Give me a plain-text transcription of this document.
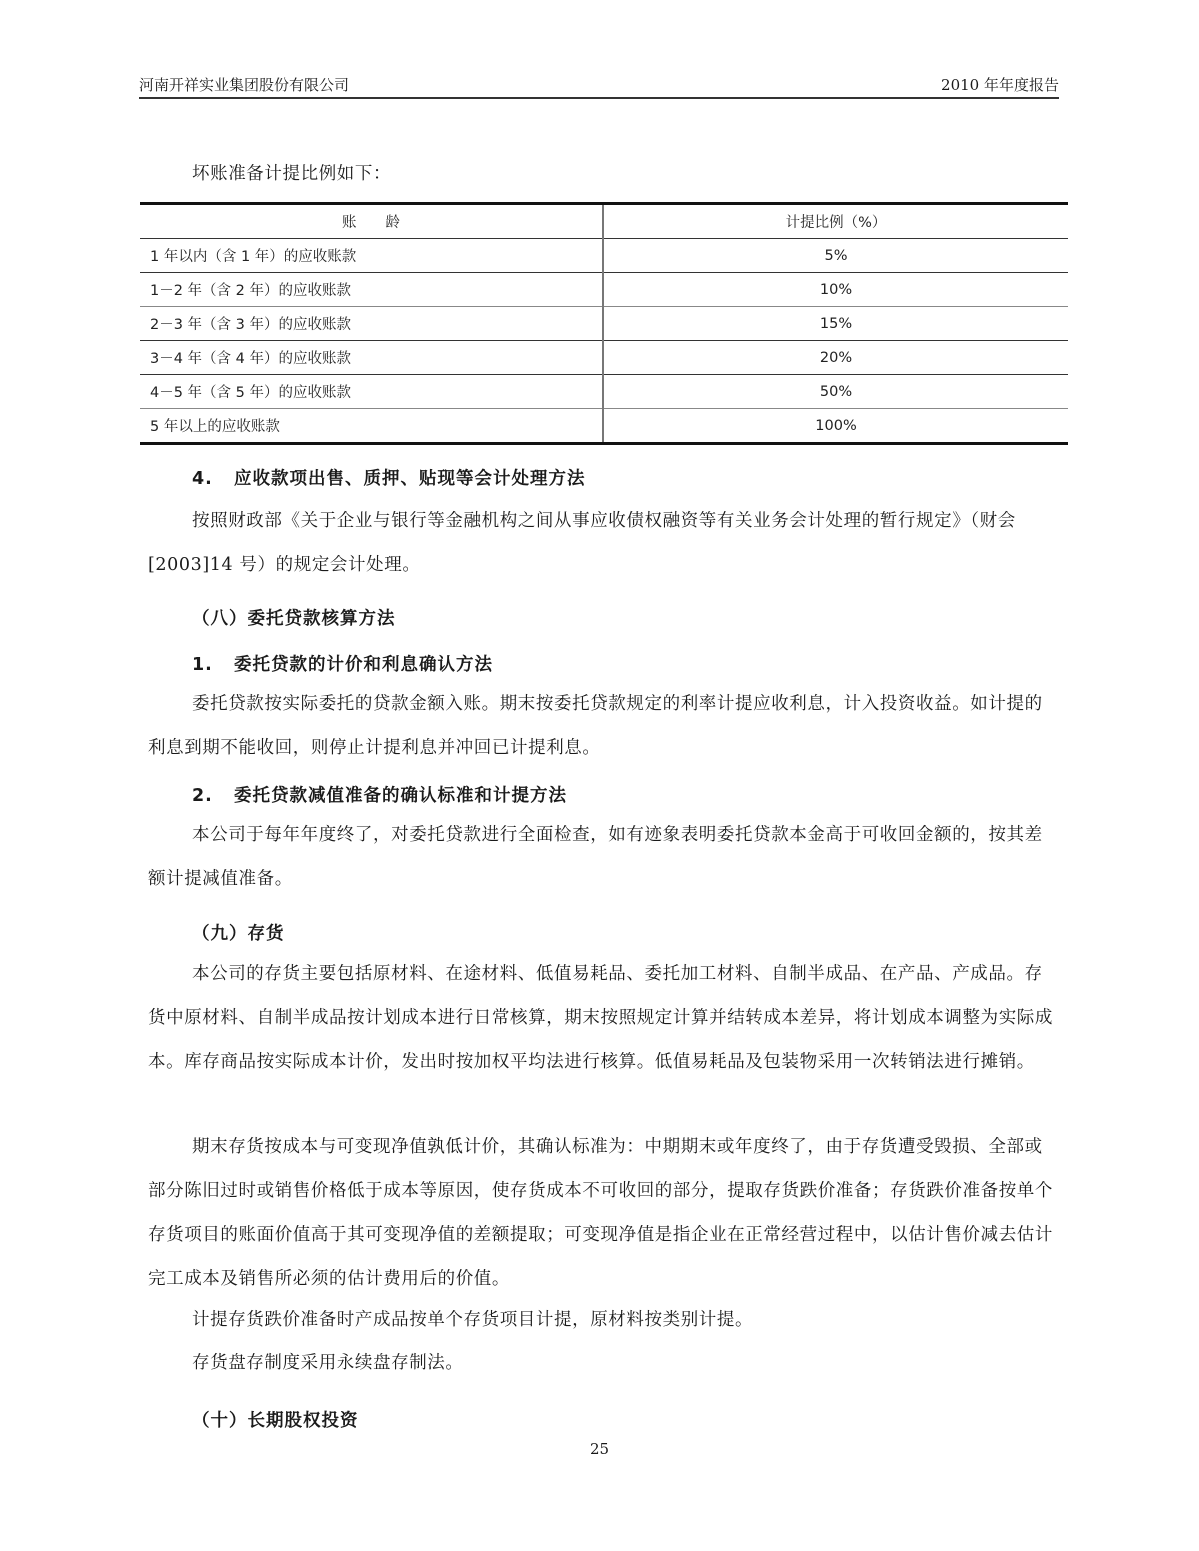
河南开祥实业集团股份有限公司	2010 年年度报告
坏账准备计提比例如下：
账　　龄	计提比例（%）
1 年以内（含 1 年）的应收账款	5%
1－2 年（含 2 年）的应收账款	10%
2－3 年（含 3 年）的应收账款	15%
3－4 年（含 4 年）的应收账款	20%
4－5 年（含 5 年）的应收账款	50%
5 年以上的应收账款	100%
4. 应收款项出售、质押、贴现等会计处理方法
按照财政部《关于企业与银行等金融机构之间从事应收债权融资等有关业务会计处理的暂行规定》（财会[2003]14 号）的规定会计处理。
（八）委托贷款核算方法
1. 委托贷款的计价和利息确认方法
委托贷款按实际委托的贷款金额入账。期末按委托贷款规定的利率计提应收利息，计入投资收益。如计提的利息到期不能收回，则停止计提利息并冲回已计提利息。
2. 委托贷款减值准备的确认标准和计提方法
本公司于每年年度终了，对委托贷款进行全面检查，如有迹象表明委托贷款本金高于可收回金额的，按其差额计提减值准备。
（九）存货
本公司的存货主要包括原材料、在途材料、低值易耗品、委托加工材料、自制半成品、在产品、产成品。存货中原材料、自制半成品按计划成本进行日常核算，期末按照规定计算并结转成本差异，将计划成本调整为实际成本。库存商品按实际成本计价，发出时按加权平均法进行核算。低值易耗品及包装物采用一次转销法进行摊销。
期末存货按成本与可变现净值孰低计价，其确认标准为：中期期末或年度终了，由于存货遭受毁损、全部或部分陈旧过时或销售价格低于成本等原因，使存货成本不可收回的部分，提取存货跌价准备；存货跌价准备按单个存货项目的账面价值高于其可变现净值的差额提取；可变现净值是指企业在正常经营过程中，以估计售价减去估计完工成本及销售所必须的估计费用后的价值。
计提存货跌价准备时产成品按单个存货项目计提，原材料按类别计提。
存货盘存制度采用永续盘存制法。
（十）长期股权投资
25
